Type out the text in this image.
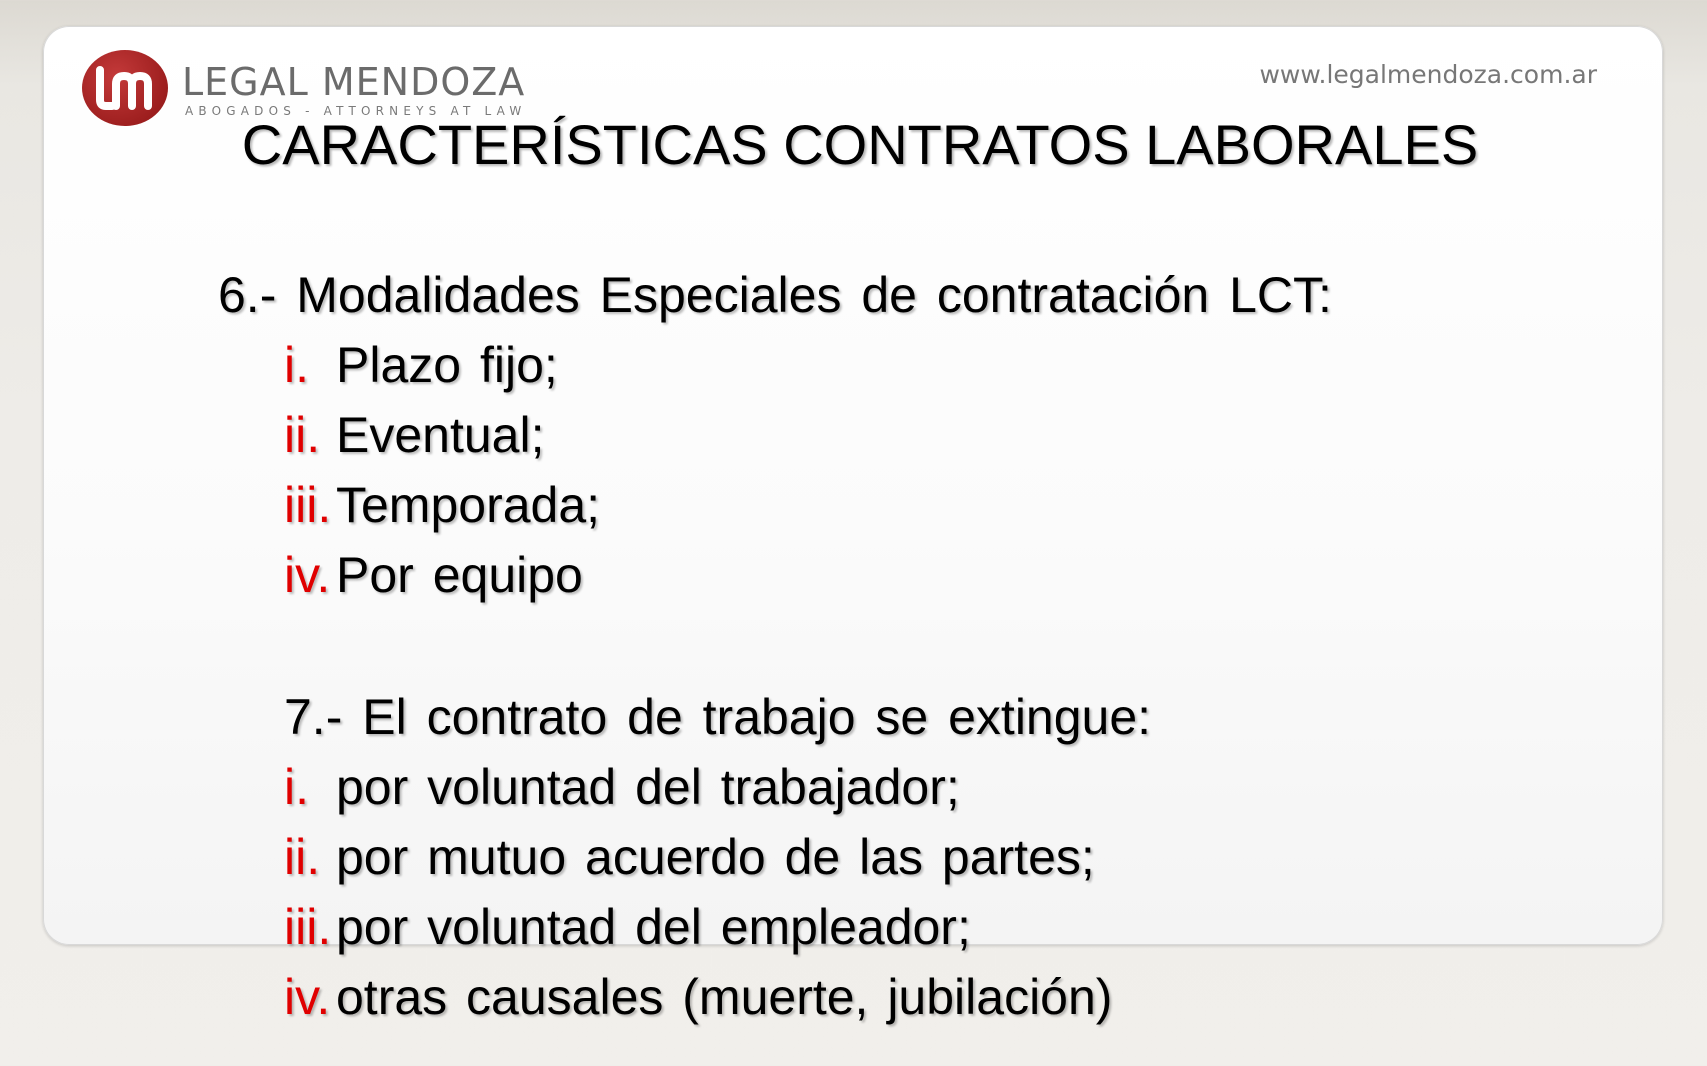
LEGAL MENDOZA
ABOGADOS - ATTORNEYS AT LAW
www.legalmendoza.com.ar
CARACTERÍSTICAS CONTRATOS LABORALES
6.- Modalidades Especiales de contratación LCT:
i. Plazo fijo;
ii. Eventual;
iii. Temporada;
iv. Por equipo
7.- El contrato de trabajo se extingue:
i. por voluntad del trabajador;
ii. por mutuo acuerdo de las partes;
iii. por voluntad del empleador;
iv. otras causales (muerte, jubilación)
